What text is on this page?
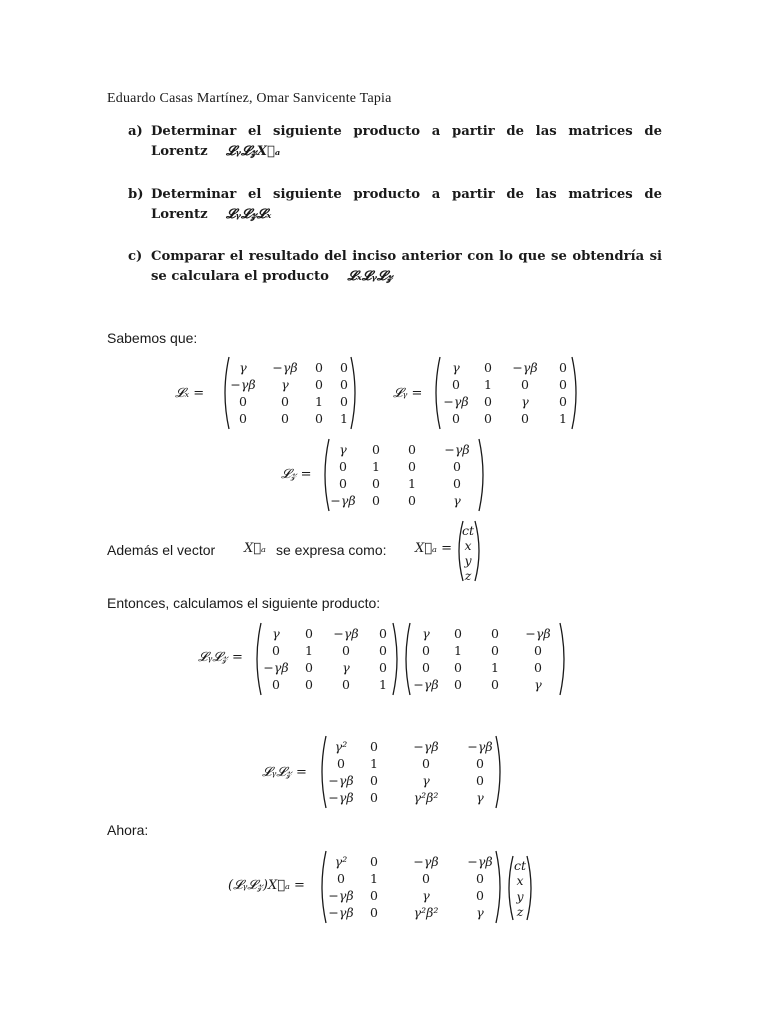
Eduardo Casas Martínez, Omar Sanvicente Tapia
a) Determinar el siguiente producto a partir de las matrices de Lorentz 𝓛ᵧ𝓛𝓏X⃗ₐ
b) Determinar el siguiente producto a partir de las matrices de Lorentz 𝓛ᵧ𝓛𝓏𝓛ₓ
c) Comparar el resultado del inciso anterior con lo que se obtendría si se calculara el producto 𝓛ₓ𝓛ᵧ𝓛𝓏
Sabemos que:
𝓛ₓ =
γ	−γβ	0	0
−γβ	γ	0	0
0	0	1	0
0	0	0	1
𝓛ᵧ =
γ	0	−γβ	0
0	1	0	0
−γβ	0	γ	0
0	0	0	1
𝓛𝓏 =
γ	0	0	−γβ
0	1	0	0
0	0	1	0
−γβ	0	0	γ
Además el vector X⃗ₐ se expresa como: X⃗ₐ =
ct
x
y
z
Entonces, calculamos el siguiente producto:
𝓛ᵧ𝓛𝓏 =
γ	0	−γβ	0
0	1	0	0
−γβ	0	γ	0
0	0	0	1
γ	0	0	−γβ
0	1	0	0
0	0	1	0
−γβ	0	0	γ
𝓛ᵧ𝓛𝓏 =
γ²	0	−γβ	−γβ
0	1	0	0
−γβ	0	γ	0
−γβ	0	γ²β²	γ
Ahora:
(𝓛ᵧ𝓛𝓏)X⃗ₐ =
γ²	0	−γβ	−γβ
0	1	0	0
−γβ	0	γ	0
−γβ	0	γ²β²	γ
ct
x
y
z
